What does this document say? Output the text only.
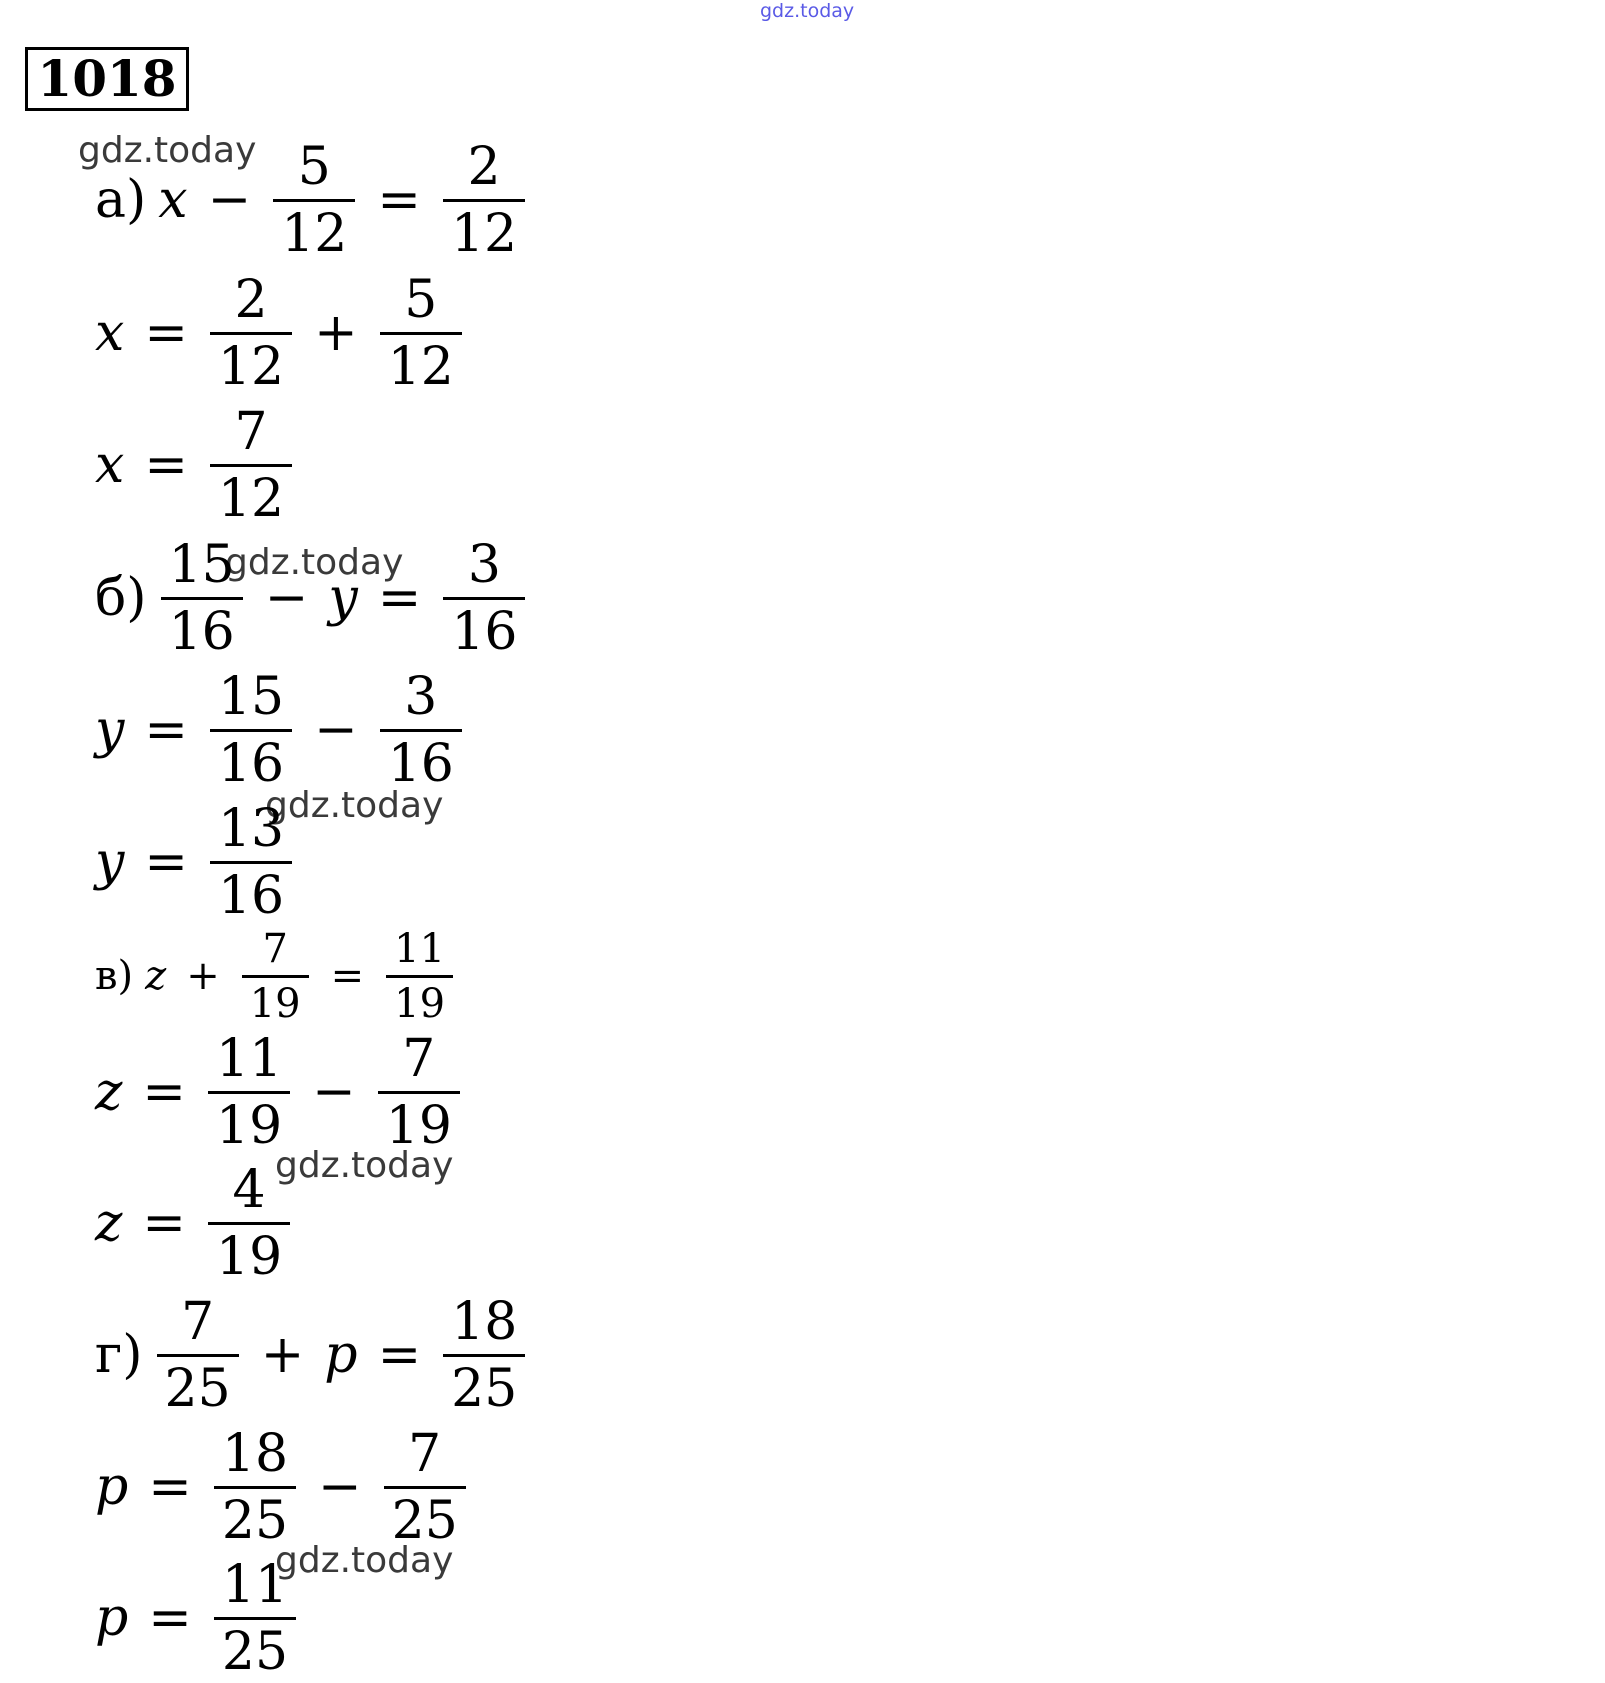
gdz.today
1018
gdz.today
gdz.today
gdz.today
gdz.today
gdz.today
а) $x - \frac{5}{12} = \frac{2}{12}$
$x = \frac{2}{12} + \frac{5}{12}$
$x = \frac{7}{12}$
$б) \frac{15}{16} - y = \frac{3}{16}$
$y = \frac{15}{16} - \frac{3}{16}$
$y = \frac{13}{16}$
в) $z + \frac{7}{19} = \frac{11}{19}$
$z = \frac{11}{19} - \frac{7}{19}$
$z = \frac{4}{19}$
$г) \frac{7}{25} + p = \frac{18}{25}$
$p = \frac{18}{25} - \frac{7}{25}$
$p = \frac{11}{25}$
